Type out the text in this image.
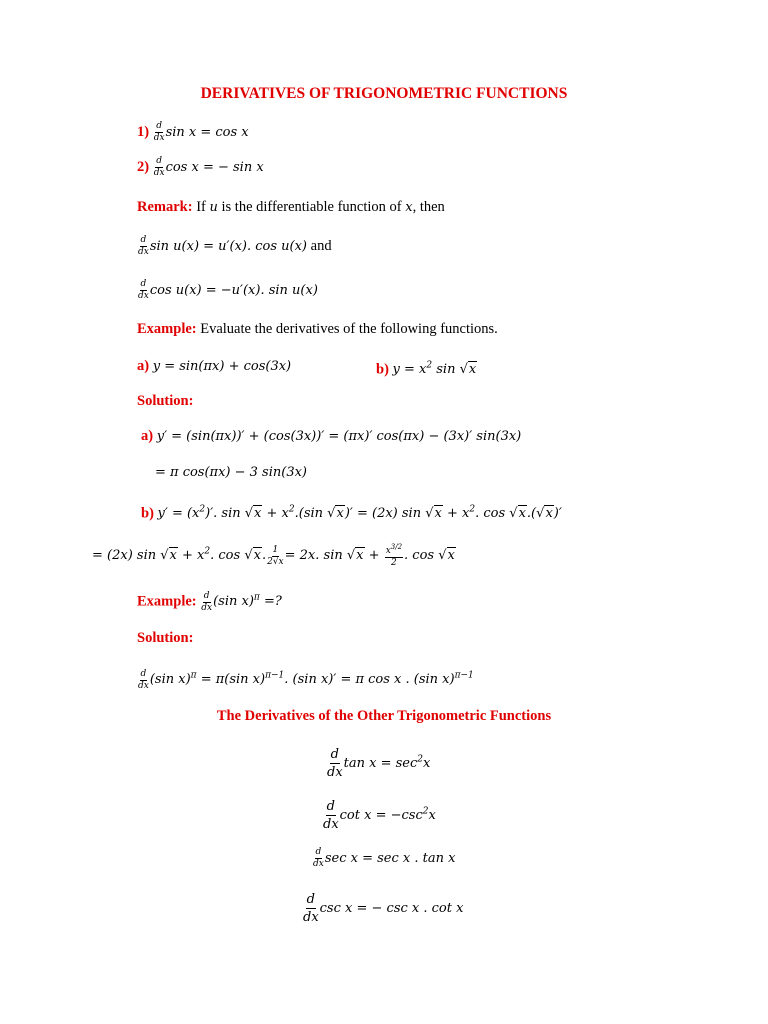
DERIVATIVES OF TRIGONOMETRIC FUNCTIONS
$1) \frac{d}{dx}$ sin x = cos x
$2) \frac{d}{dx}$ cos x = − sin x
Remark: If u is the differentiable function of x, then
$\frac{d}{dx}$ sin u(x) = u′(x). cos u(x) and
$\frac{d}{dx}$ cos u(x) = −u′(x). sin u(x)
Example: Evaluate the derivatives of the following functions.
a) y = sin(πx) + cos(3x)	b) $y = x^2$ sin √x
Solution:
a) y′ = (sin(πx))′ + (cos(3x))′ = (πx)′ cos(πx) − (3x)′ sin(3x)
= π cos(πx) − 3 sin(3x)
b) $y' = (x^2)'$. $\sin √x + x^2.(\sin$ √x)′ = (2x) $\sin √x + x^2$. cos √x.(√x)′
= (2x) $\sin √x + x^2$. cos √x. $\frac{1}{2√x} = 2x$. $\sin √x + \frac{x^{3/2}}{2}$ . cos √x
Example: $\frac{d}{dx} (\sin$ x)$^\pi$ =?
Solution:
$\frac{d}{dx} (\sin$ x)$^\pi$ = π(sin x)$^{\pi-1}$. (sin x)′ = π cos x . (sin x)$^{\pi-1}$
The Derivatives of the Other Trigonometric Functions
$\frac{d}{dx}$ $\tan x = \sec^2x$
$\frac{d}{dx}$ $\cot x = -\csc^2x$
$\frac{d}{dx}$ sec x = sec x . tan x
$\frac{d}{dx}$ csc x = − csc x . cot x
